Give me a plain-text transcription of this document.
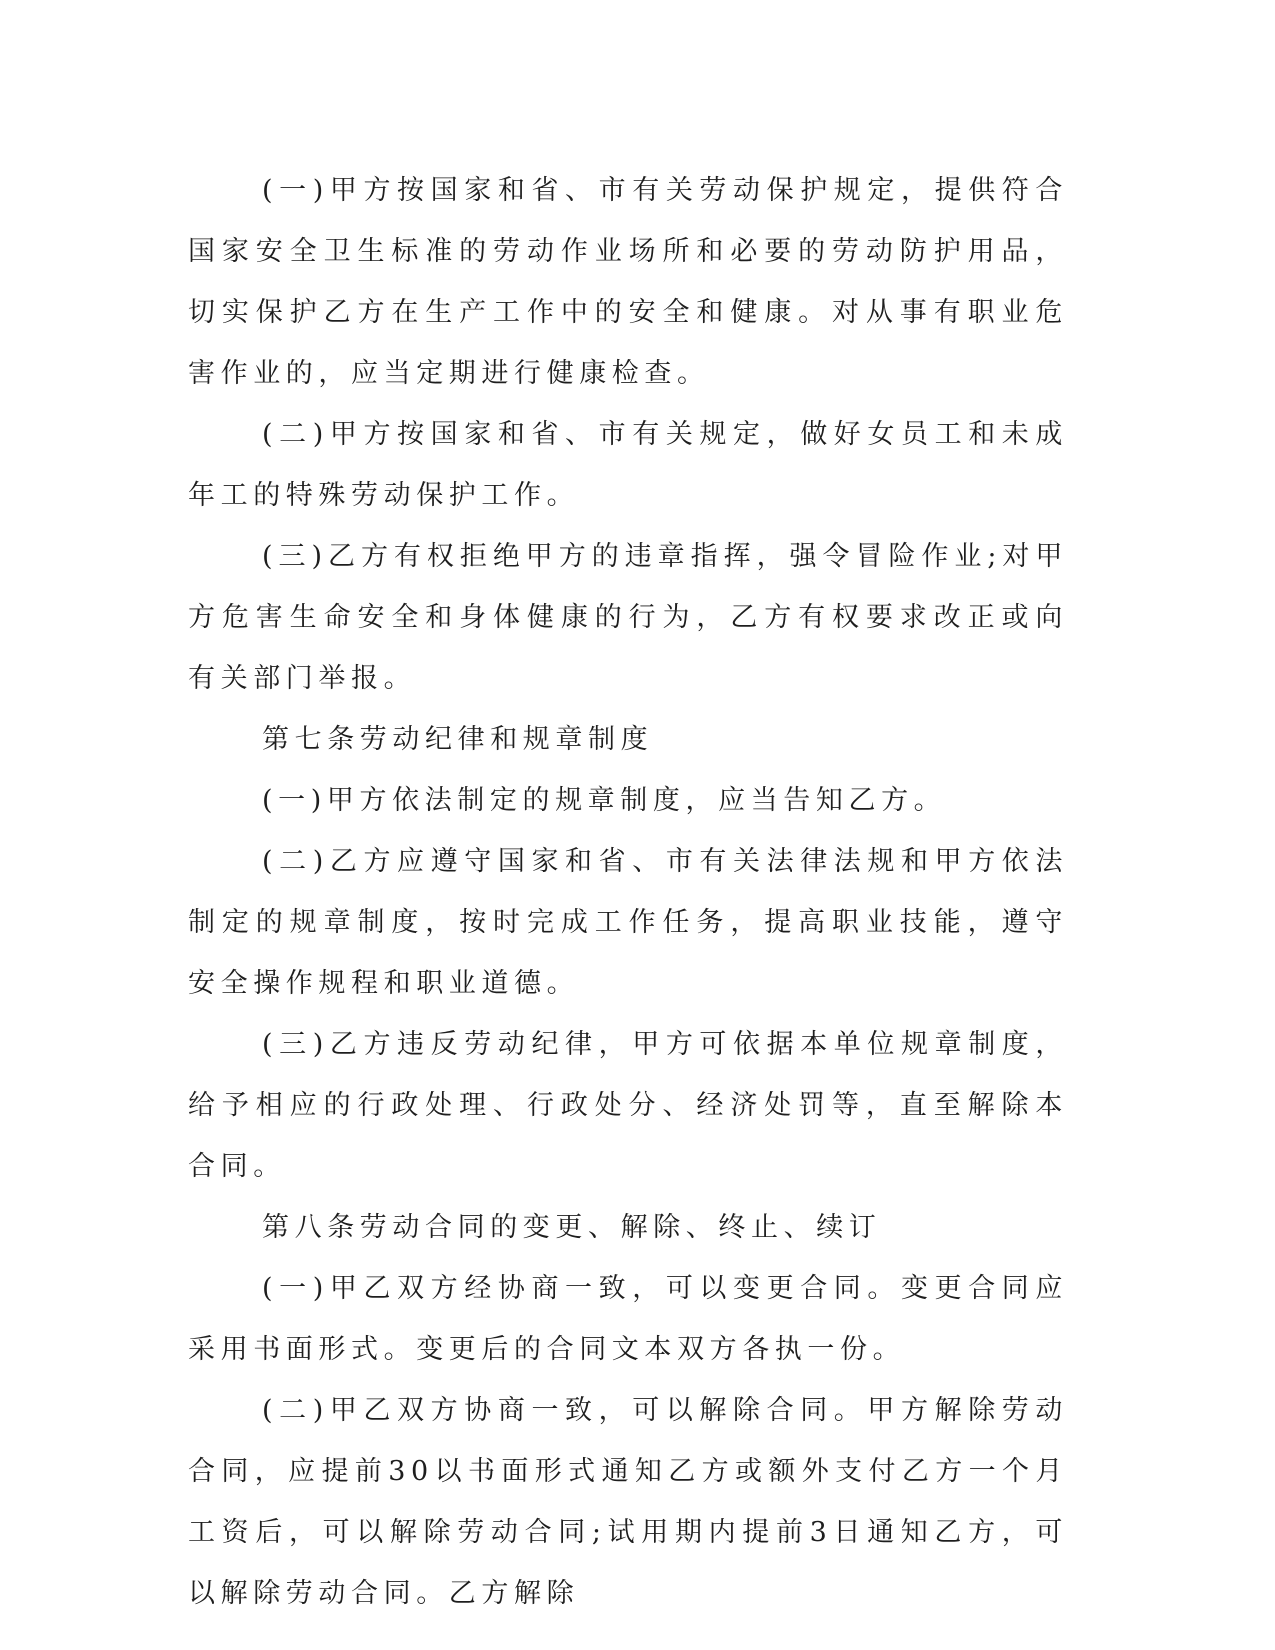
(一)甲方按国家和省、市有关劳动保护规定，提供符合国家安全卫生标准的劳动作业场所和必要的劳动防护用品，切实保护乙方在生产工作中的安全和健康。对从事有职业危害作业的，应当定期进行健康检查。

(二)甲方按国家和省、市有关规定，做好女员工和未成年工的特殊劳动保护工作。

(三)乙方有权拒绝甲方的违章指挥，强令冒险作业;对甲方危害生命安全和身体健康的行为，乙方有权要求改正或向有关部门举报。

第七条劳动纪律和规章制度

(一)甲方依法制定的规章制度，应当告知乙方。

(二)乙方应遵守国家和省、市有关法律法规和甲方依法制定的规章制度，按时完成工作任务，提高职业技能，遵守安全操作规程和职业道德。

(三)乙方违反劳动纪律，甲方可依据本单位规章制度，给予相应的行政处理、行政处分、经济处罚等，直至解除本合同。

第八条劳动合同的变更、解除、终止、续订

(一)甲乙双方经协商一致，可以变更合同。变更合同应采用书面形式。变更后的合同文本双方各执一份。

(二)甲乙双方协商一致，可以解除合同。甲方解除劳动合同，应提前30以书面形式通知乙方或额外支付乙方一个月工资后，可以解除劳动合同;试用期内提前3日通知乙方，可以解除劳动合同。乙方解除
